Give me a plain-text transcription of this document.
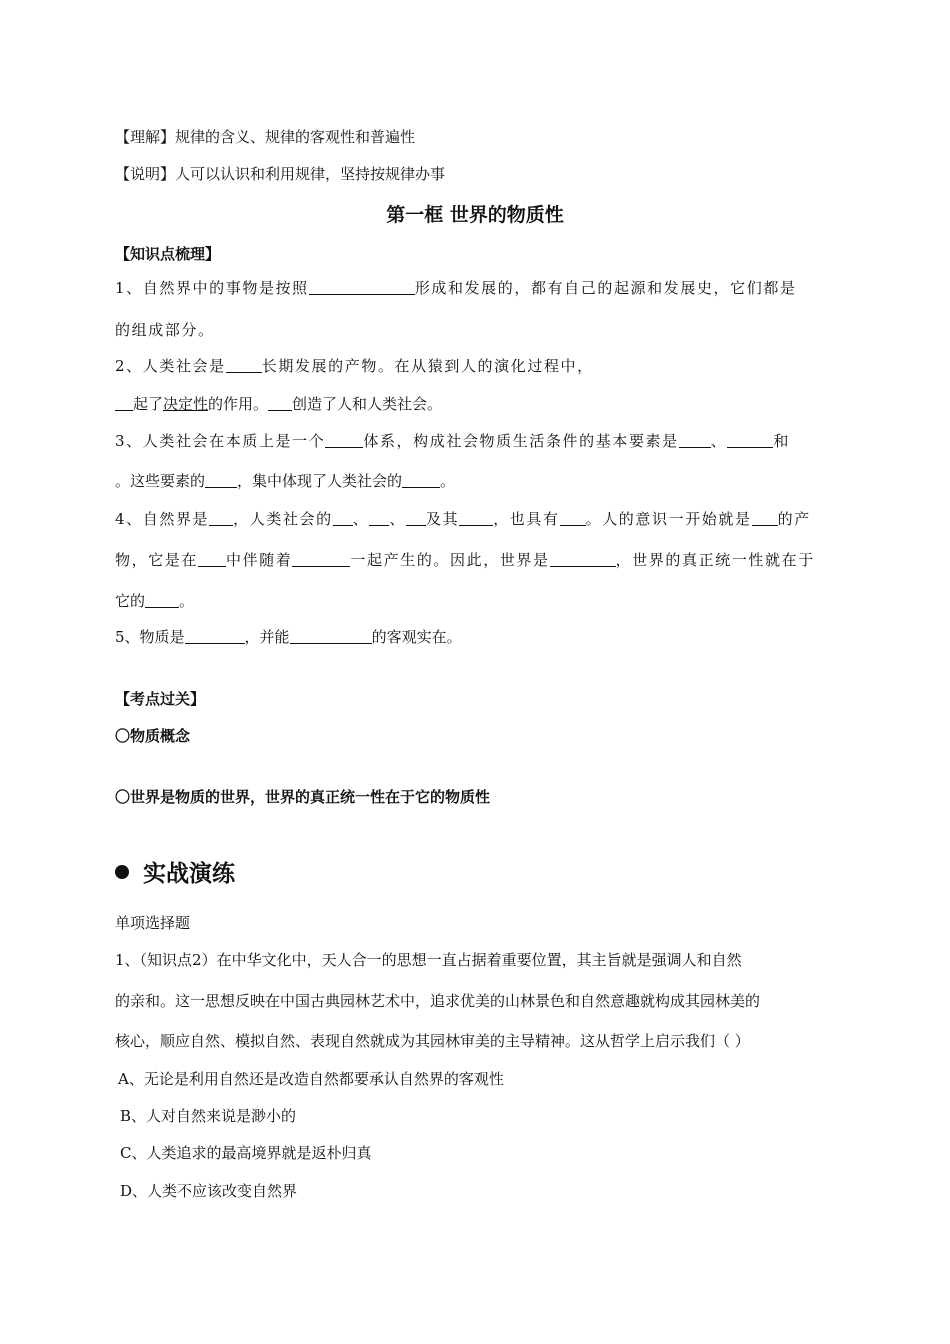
【理解】规律的含义、规律的客观性和普遍性
【说明】人可以认识和利用规律，坚持按规律办事
第一框 世界的物质性
【知识点梳理】
1、自然界中的事物是按照	形成和发展的，都有自己的起源和发展史，它们都是
的组成部分。
2、人类社会是 长期发展的产物。在从猿到人的演化过程中，
起了决定性的作用。 创造了人和人类社会。
3、人类社会在本质上是一个	体系，构成社会物质生活条件的基本要素是 、	和
。这些要素的 ，集中体现了人类社会的	。
4、自然界是 ，人类社会的 、 、 及其 ，也具有 。人的意识一开始就是 的产
物，它是在 中伴随着	一起产生的。因此，世界是	，世界的真正统一性就在于
它的 。
5、物质是	，并能	的客观实在。
【考点过关】
〇物质概念
〇世界是物质的世界，世界的真正统一性在于它的物质性
实战演练
单项选择题
1、（知识点2）在中华文化中，天人合一的思想一直占据着重要位置，其主旨就是强调人和自然
的亲和。这一思想反映在中国古典园林艺术中，追求优美的山林景色和自然意趣就构成其园林美的
核心，顺应自然、模拟自然、表现自然就成为其园林审美的主导精神。这从哲学上启示我们（ ）
A、无论是利用自然还是改造自然都要承认自然界的客观性
B、人对自然来说是渺小的
C、人类追求的最高境界就是返朴归真
D、人类不应该改变自然界
